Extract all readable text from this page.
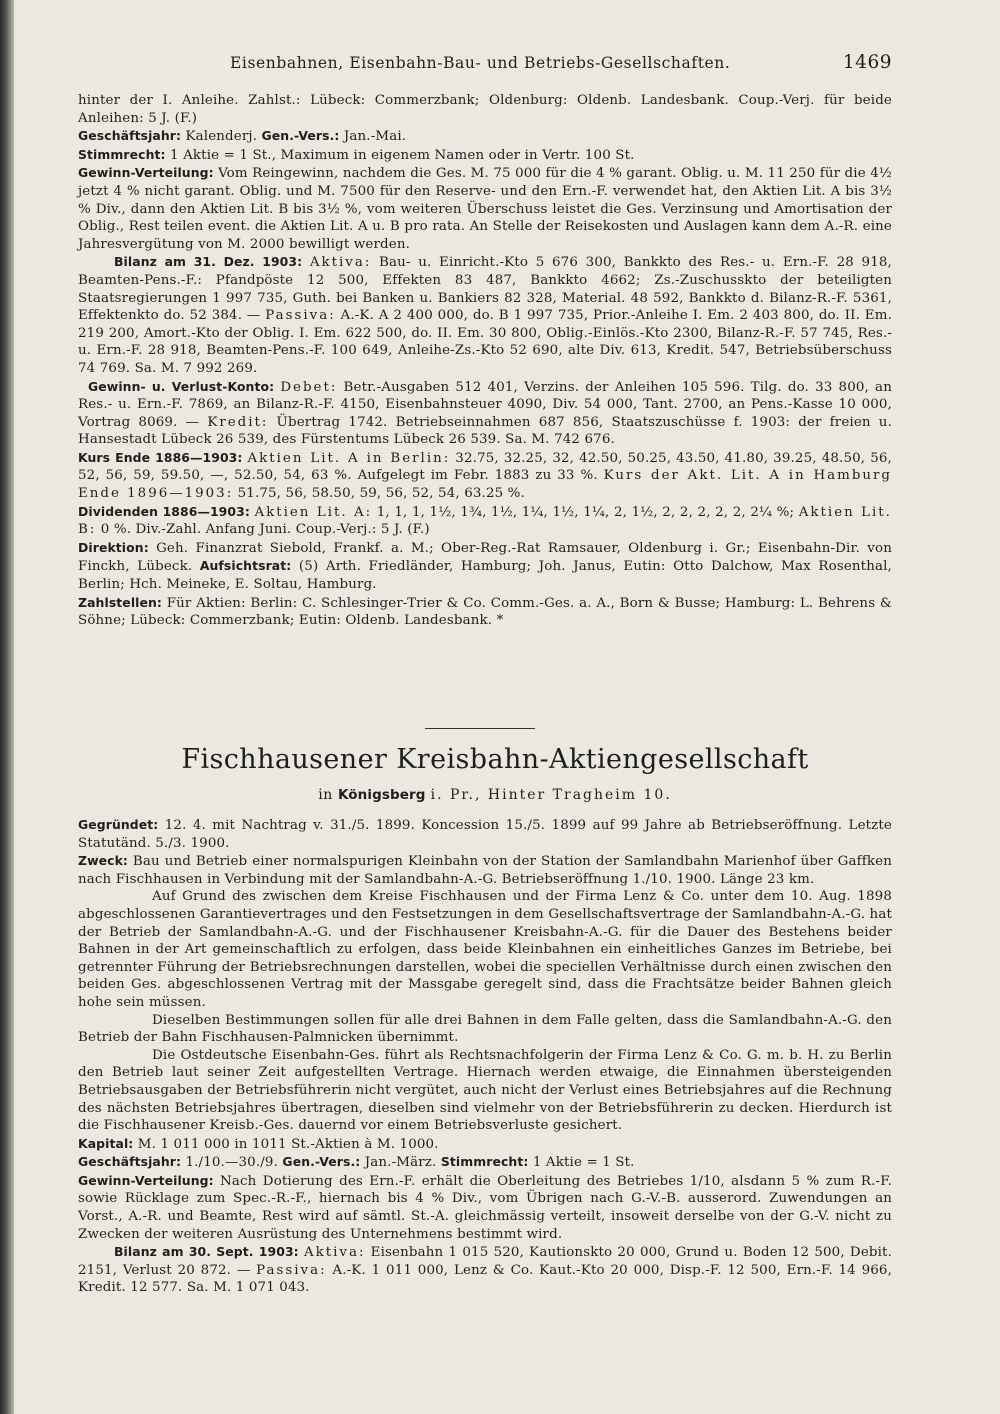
Eisenbahnen, Eisenbahn-Bau- und Betriebs-Gesellschaften.	1469

hinter der I. Anleihe. Zahlst.: Lübeck: Commerzbank; Oldenburg: Oldenb. Landesbank. Coup.-Verj. für beide Anleihen: 5 J. (F.)

Geschäftsjahr: Kalenderj. Gen.-Vers.: Jan.-Mai.

Stimmrecht: 1 Aktie = 1 St., Maximum in eigenem Namen oder in Vertr. 100 St.

Gewinn-Verteilung: Vom Reingewinn, nachdem die Ges. M. 75 000 für die 4 % garant. Oblig. u. M. 11 250 für die 4½ jetzt 4 % nicht garant. Oblig. und M. 7500 für den Reserve- und den Ern.-F. verwendet hat, den Aktien Lit. A bis 3½ % Div., dann den Aktien Lit. B bis 3½ %, vom weiteren Überschuss leistet die Ges. Verzinsung und Amortisation der Oblig., Rest teilen event. die Aktien Lit. A u. B pro rata. An Stelle der Reisekosten und Auslagen kann dem A.-R. eine Jahresvergütung von M. 2000 bewilligt werden.

Bilanz am 31. Dez. 1903: Aktiva: Bau- u. Einricht.-Kto 5 676 300, Bankkto des Res.- u. Ern.-F. 28 918, Beamten-Pens.-F.: Pfandpöste 12 500, Effekten 83 487, Bankkto 4662; Zs.-Zuschusskto der beteiligten Staatsregierungen 1 997 735, Guth. bei Banken u. Bankiers 82 328, Material. 48 592, Bankkto d. Bilanz-R.-F. 5361, Effektenkto do. 52 384. — Passiva: A.-K. A 2 400 000, do. B 1 997 735, Prior.-Anleihe I. Em. 2 403 800, do. II. Em. 219 200, Amort.-Kto der Oblig. I. Em. 622 500, do. II. Em. 30 800, Oblig.-Einlös.-Kto 2300, Bilanz-R.-F. 57 745, Res.- u. Ern.-F. 28 918, Beamten-Pens.-F. 100 649, Anleihe-Zs.-Kto 52 690, alte Div. 613, Kredit. 547, Betriebsüberschuss 74 769. Sa. M. 7 992 269.

Gewinn- u. Verlust-Konto: Debet: Betr.-Ausgaben 512 401, Verzins. der Anleihen 105 596. Tilg. do. 33 800, an Res.- u. Ern.-F. 7869, an Bilanz-R.-F. 4150, Eisenbahnsteuer 4090, Div. 54 000, Tant. 2700, an Pens.-Kasse 10 000, Vortrag 8069. — Kredit: Übertrag 1742. Betriebseinnahmen 687 856, Staatszuschüsse f. 1903: der freien u. Hansestadt Lübeck 26 539, des Fürstentums Lübeck 26 539. Sa. M. 742 676.

Kurs Ende 1886—1903: Aktien Lit. A in Berlin: 32.75, 32.25, 32, 42.50, 50.25, 43.50, 41.80, 39.25, 48.50, 56, 52, 56, 59, 59.50, —, 52.50, 54, 63 %. Aufgelegt im Febr. 1883 zu 33 %. Kurs der Akt. Lit. A in Hamburg Ende 1896—1903: 51.75, 56, 58.50, 59, 56, 52, 54, 63.25 %.

Dividenden 1886—1903: Aktien Lit. A: 1, 1, 1, 1½, 1¾, 1½, 1¼, 1½, 1¼, 2, 1½, 2, 2, 2, 2, 2, 2¼ %; Aktien Lit. B: 0 %. Div.-Zahl. Anfang Juni. Coup.-Verj.: 5 J. (F.)

Direktion: Geh. Finanzrat Siebold, Frankf. a. M.; Ober-Reg.-Rat Ramsauer, Oldenburg i. Gr.; Eisenbahn-Dir. von Finckh, Lübeck. Aufsichtsrat: (5) Arth. Friedländer, Hamburg; Joh. Janus, Eutin: Otto Dalchow, Max Rosenthal, Berlin; Hch. Meineke, E. Soltau, Hamburg.

Zahlstellen: Für Aktien: Berlin: C. Schlesinger-Trier & Co. Comm.-Ges. a. A., Born & Busse; Hamburg: L. Behrens & Söhne; Lübeck: Commerzbank; Eutin: Oldenb. Landesbank. *

Fischhausener Kreisbahn-Aktiengesellschaft
in Königsberg i. Pr., Hinter Tragheim 10.

Gegründet: 12. 4. mit Nachtrag v. 31./5. 1899. Koncession 15./5. 1899 auf 99 Jahre ab Betriebseröffnung. Letzte Statutänd. 5./3. 1900.

Zweck: Bau und Betrieb einer normalspurigen Kleinbahn von der Station der Samlandbahn Marienhof über Gaffken nach Fischhausen in Verbindung mit der Samlandbahn-A.-G. Betriebseröffnung 1./10. 1900. Länge 23 km.

Auf Grund des zwischen dem Kreise Fischhausen und der Firma Lenz & Co. unter dem 10. Aug. 1898 abgeschlossenen Garantievertrages und den Festsetzungen in dem Gesellschaftsvertrage der Samlandbahn-A.-G. hat der Betrieb der Samlandbahn-A.-G. und der Fischhausener Kreisbahn-A.-G. für die Dauer des Bestehens beider Bahnen in der Art gemeinschaftlich zu erfolgen, dass beide Kleinbahnen ein einheitliches Ganzes im Betriebe, bei getrennter Führung der Betriebsrechnungen darstellen, wobei die speciellen Verhältnisse durch einen zwischen den beiden Ges. abgeschlossenen Vertrag mit der Massgabe geregelt sind, dass die Frachtsätze beider Bahnen gleich hohe sein müssen.

Dieselben Bestimmungen sollen für alle drei Bahnen in dem Falle gelten, dass die Samlandbahn-A.-G. den Betrieb der Bahn Fischhausen-Palmnicken übernimmt.

Die Ostdeutsche Eisenbahn-Ges. führt als Rechtsnachfolgerin der Firma Lenz & Co. G. m. b. H. zu Berlin den Betrieb laut seiner Zeit aufgestellten Vertrage. Hiernach werden etwaige, die Einnahmen übersteigenden Betriebsausgaben der Betriebsführerin nicht vergütet, auch nicht der Verlust eines Betriebsjahres auf die Rechnung des nächsten Betriebsjahres übertragen, dieselben sind vielmehr von der Betriebsführerin zu decken. Hierdurch ist die Fischhausener Kreisb.-Ges. dauernd vor einem Betriebsverluste gesichert.

Kapital: M. 1 011 000 in 1011 St.-Aktien à M. 1000.

Geschäftsjahr: 1./10.—30./9. Gen.-Vers.: Jan.-März. Stimmrecht: 1 Aktie = 1 St.

Gewinn-Verteilung: Nach Dotierung des Ern.-F. erhält die Oberleitung des Betriebes 1/10, alsdann 5 % zum R.-F. sowie Rücklage zum Spec.-R.-F., hiernach bis 4 % Div., vom Übrigen nach G.-V.-B. ausserord. Zuwendungen an Vorst., A.-R. und Beamte, Rest wird auf sämtl. St.-A. gleichmässig verteilt, insoweit derselbe von der G.-V. nicht zu Zwecken der weiteren Ausrüstung des Unternehmens bestimmt wird.

Bilanz am 30. Sept. 1903: Aktiva: Eisenbahn 1 015 520, Kautionskto 20 000, Grund u. Boden 12 500, Debit. 2151, Verlust 20 872. — Passiva: A.-K. 1 011 000, Lenz & Co. Kaut.-Kto 20 000, Disp.-F. 12 500, Ern.-F. 14 966, Kredit. 12 577. Sa. M. 1 071 043.
